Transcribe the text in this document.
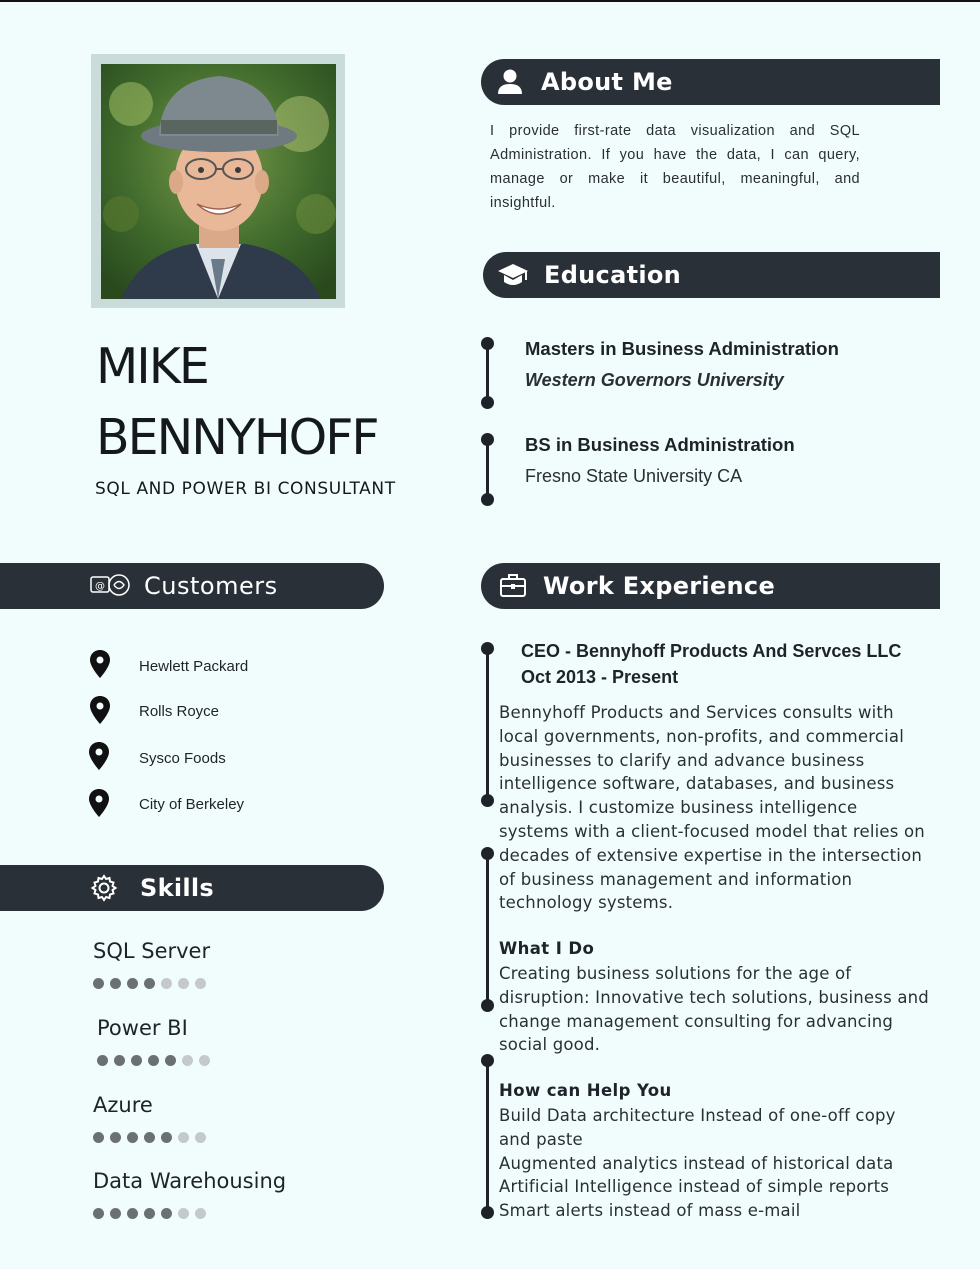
MIKE
BENNYHOFF
SQL AND POWER BI CONSULTANT
About Me
I provide first-rate data visualization and SQL Administration. If you have the data, I can query, manage or make it beautiful, meaningful, and insightful.
Education
Masters in Business Administration
Western Governors University
BS in Business Administration
Fresno State University CA
@ Customers
Hewlett Packard
Rolls Royce
Sysco Foods
City of Berkeley
Skills
SQL Server
Power BI
Azure
Data Warehousing
Work Experience
CEO - Bennyhoff Products And Servces LLC
Oct 2013 - Present
Bennyhoff Products and Services consults with
local governments, non-profits, and commercial
businesses to clarify and advance business
intelligence software, databases, and business
analysis. I customize business intelligence
systems with a client-focused model that relies on
decades of extensive expertise in the intersection
of business management and information
technology systems.
What I Do
Creating business solutions for the age of
disruption: Innovative tech solutions, business and
change management consulting for advancing
social good.
How can Help You
Build Data architecture Instead of one-off copy
and paste
Augmented analytics instead of historical data
Artificial Intelligence instead of simple reports
Smart alerts instead of mass e-mail
